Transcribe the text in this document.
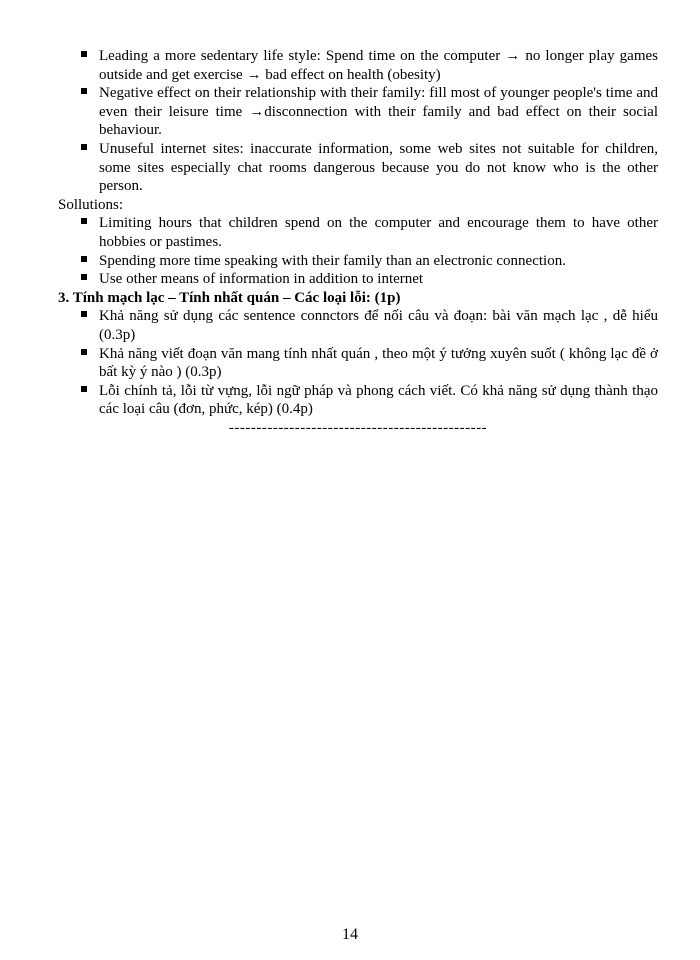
Leading a more sedentary life style: Spend time on the computer → no longer play games outside and get exercise → bad effect on health (obesity)
Negative effect on their relationship with their family: fill most of younger people's time and even their leisure time →disconnection with their family and bad effect on their social behaviour.
Unuseful internet sites: inaccurate information, some web sites not suitable for children, some sites especially chat rooms dangerous because you do not know who is the other person.

Sollutions:

Limiting hours that children spend on the computer and encourage them to have other hobbies or pastimes.
Spending more time speaking with their family than an electronic connection.
Use other means of information in addition to internet

3. Tính mạch lạc – Tính nhất quán – Các loại lỗi: (1p)

Khả năng sử dụng các sentence connctors để nối câu và đoạn: bài văn mạch lạc , dễ hiểu (0.3p)
Khả năng viết đoạn văn mang tính nhất quán , theo một ý tưởng xuyên suốt ( không lạc đề ở bất kỳ ý nào ) (0.3p)
Lỗi chính tả, lỗi từ vựng, lỗi ngữ pháp và phong cách viết. Có khả năng sử dụng thành thạo các loại câu (đơn, phức, kép) (0.4p)
-----------------------------------------------
14
